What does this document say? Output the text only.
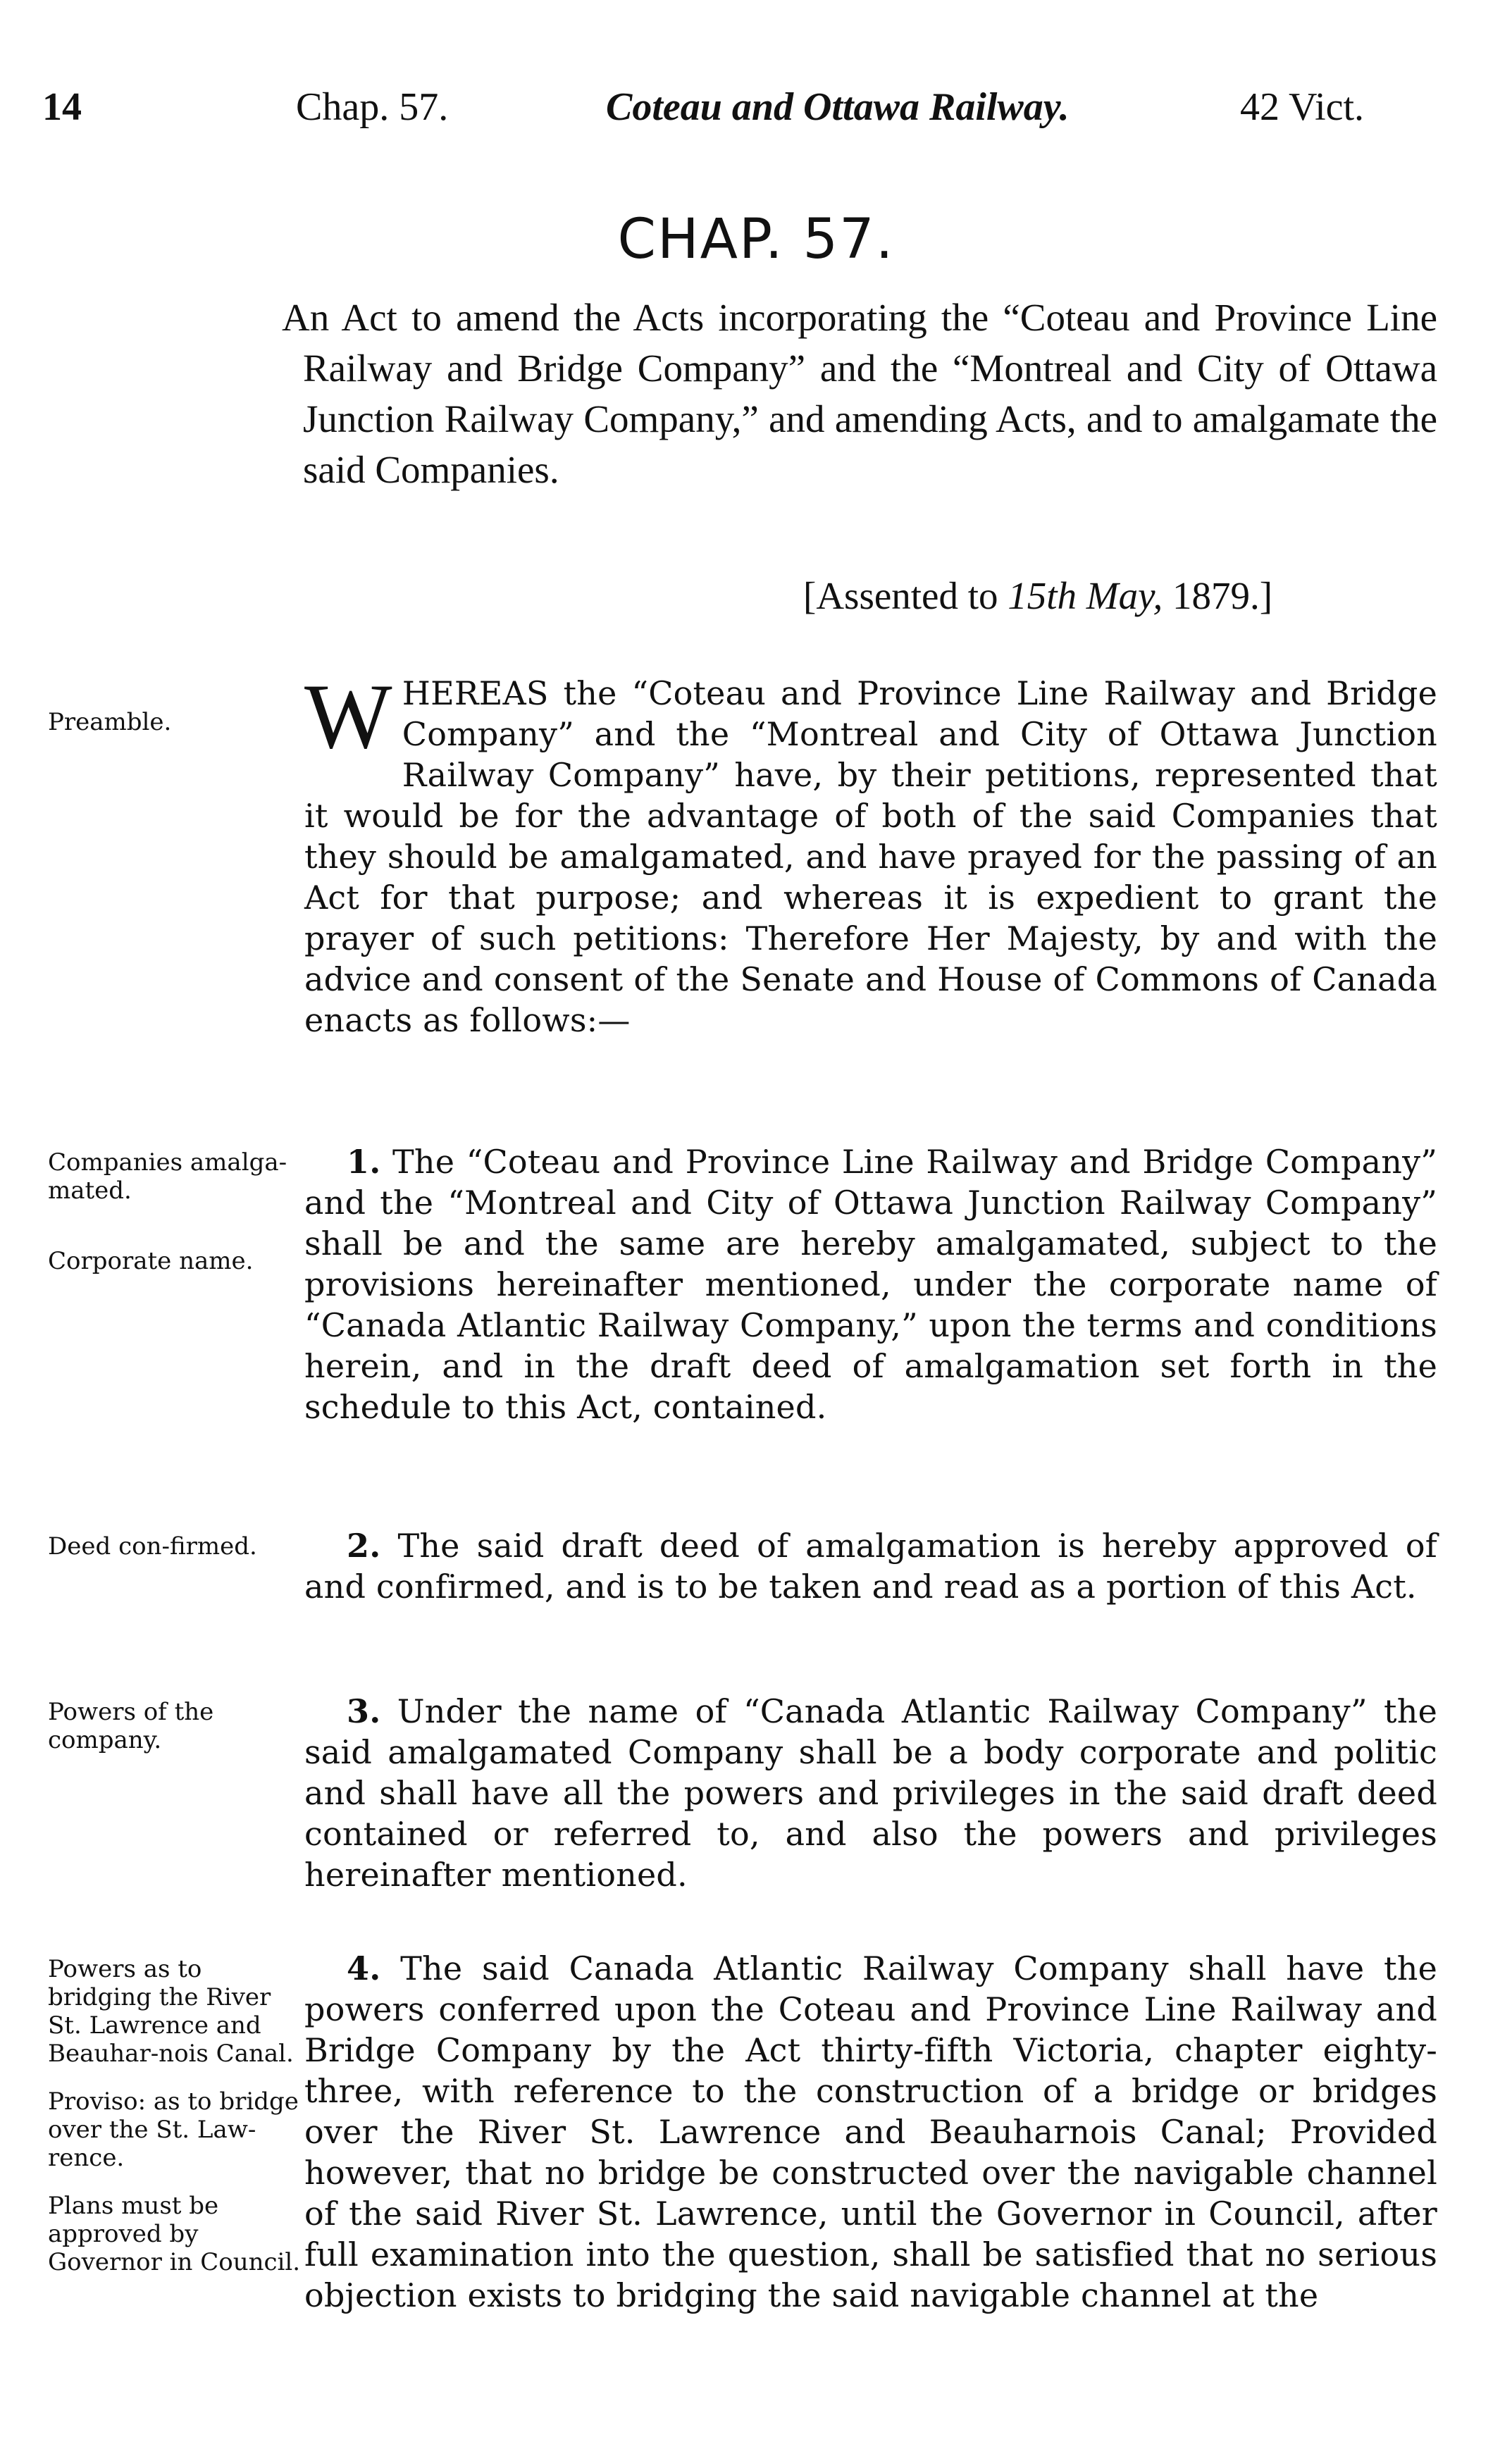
14	Chap. 57.	Coteau and Ottawa Railway.	42 Vict.
CHAP. 57.
An Act to amend the Acts incorporating the “Coteau and Province Line Railway and Bridge Company” and the “Montreal and City of Ottawa Junction Railway Company,” and amending Acts, and to amalgamate the said Companies.
[Assented to 15th May, 1879.]

Preamble.	WHEREAS the “Coteau and Province Line Railway and Bridge Company” and the “Montreal and City of Ottawa Junction Railway Company” have, by their petitions, represented that it would be for the advantage of both of the said Companies that they should be amalgamated, and have prayed for the passing of an Act for that purpose; and whereas it is expedient to grant the prayer of such petitions: Therefore Her Majesty, by and with the advice and consent of the Senate and House of Commons of Canada enacts as follows:—

Companies amalga-mated.

Corporate name.

1. The “Coteau and Province Line Railway and Bridge Company” and the “Montreal and City of Ottawa Junction Railway Company” shall be and the same are hereby amalgamated, subject to the provisions hereinafter mentioned, under the corporate name of “Canada Atlantic Railway Company,” upon the terms and conditions herein, and in the draft deed of amalgamation set forth in the schedule to this Act, contained.

Deed con-firmed.	2. The said draft deed of amalgamation is hereby approved of and confirmed, and is to be taken and read as a portion of this Act.

Powers of the company.

3. Under the name of “Canada Atlantic Railway Company” the said amalgamated Company shall be a body corporate and politic and shall have all the powers and privileges in the said draft deed contained or referred to, and also the powers and privileges hereinafter mentioned.

Powers as to bridging the River St. Lawrence and Beauhar-nois Canal.

Proviso: as to bridge over the St. Law-rence.

Plans must be approved by Governor in Council.

4. The said Canada Atlantic Railway Company shall have the powers conferred upon the Coteau and Province Line Railway and Bridge Company by the Act thirty-fifth Victoria, chapter eighty-three, with reference to the construction of a bridge or bridges over the River St. Lawrence and Beauharnois Canal; Provided however, that no bridge be constructed over the navigable channel of the said River St. Lawrence, until the Governor in Council, after full examination into the question, shall be satisfied that no serious objection exists to bridging the said navigable channel at the
